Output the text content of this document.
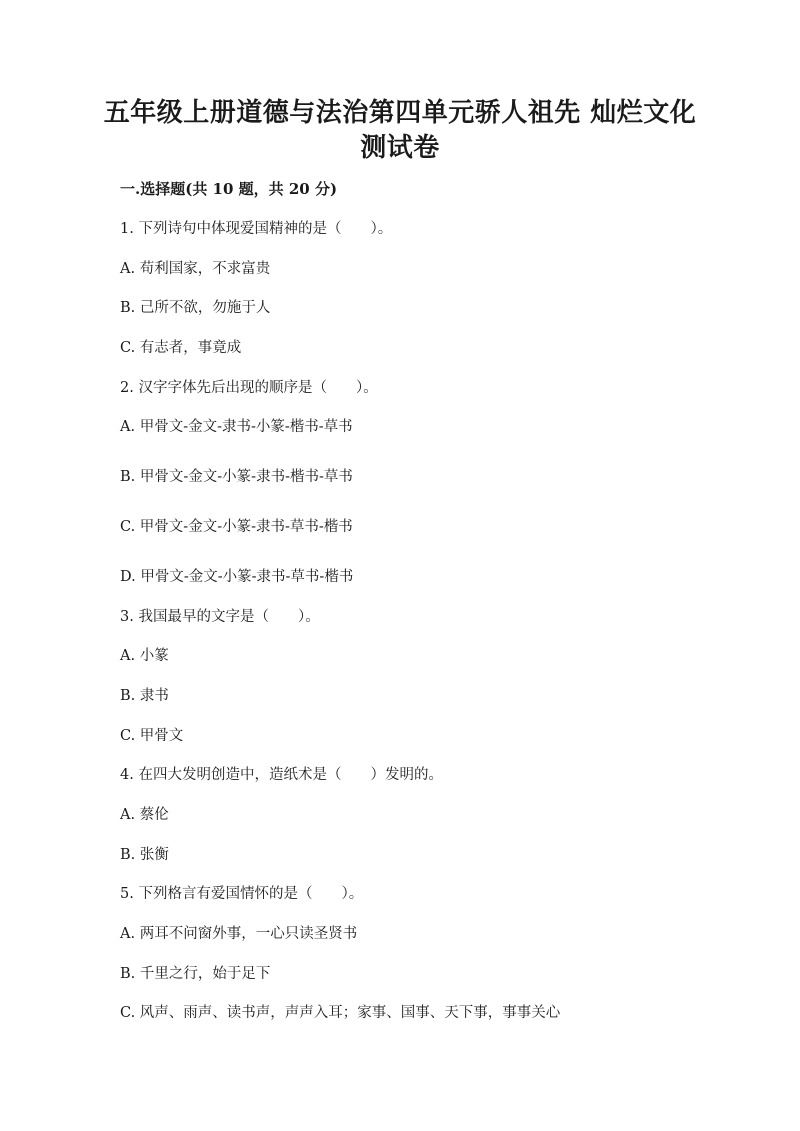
五年级上册道德与法治第四单元骄人祖先 灿烂文化
测试卷
一.选择题(共 10 题，共 20 分)
1. 下列诗句中体现爱国精神的是（　　）。
A. 苟利国家，不求富贵
B. 己所不欲，勿施于人
C. 有志者，事竟成
2. 汉字字体先后出现的顺序是（　　）。
A. 甲骨文-金文-隶书-小篆-楷书-草书
B. 甲骨文-金文-小篆-隶书-楷书-草书
C. 甲骨文-金文-小篆-隶书-草书-楷书
D. 甲骨文-金文-小篆-隶书-草书-楷书
3. 我国最早的文字是（　　）。
A. 小篆
B. 隶书
C. 甲骨文
4. 在四大发明创造中，造纸术是（　　）发明的。
A. 蔡伦
B. 张衡
5. 下列格言有爱国情怀的是（　　）。
A. 两耳不问窗外事，一心只读圣贤书
B. 千里之行，始于足下
C. 风声、雨声、读书声，声声入耳；家事、国事、天下事，事事关心
